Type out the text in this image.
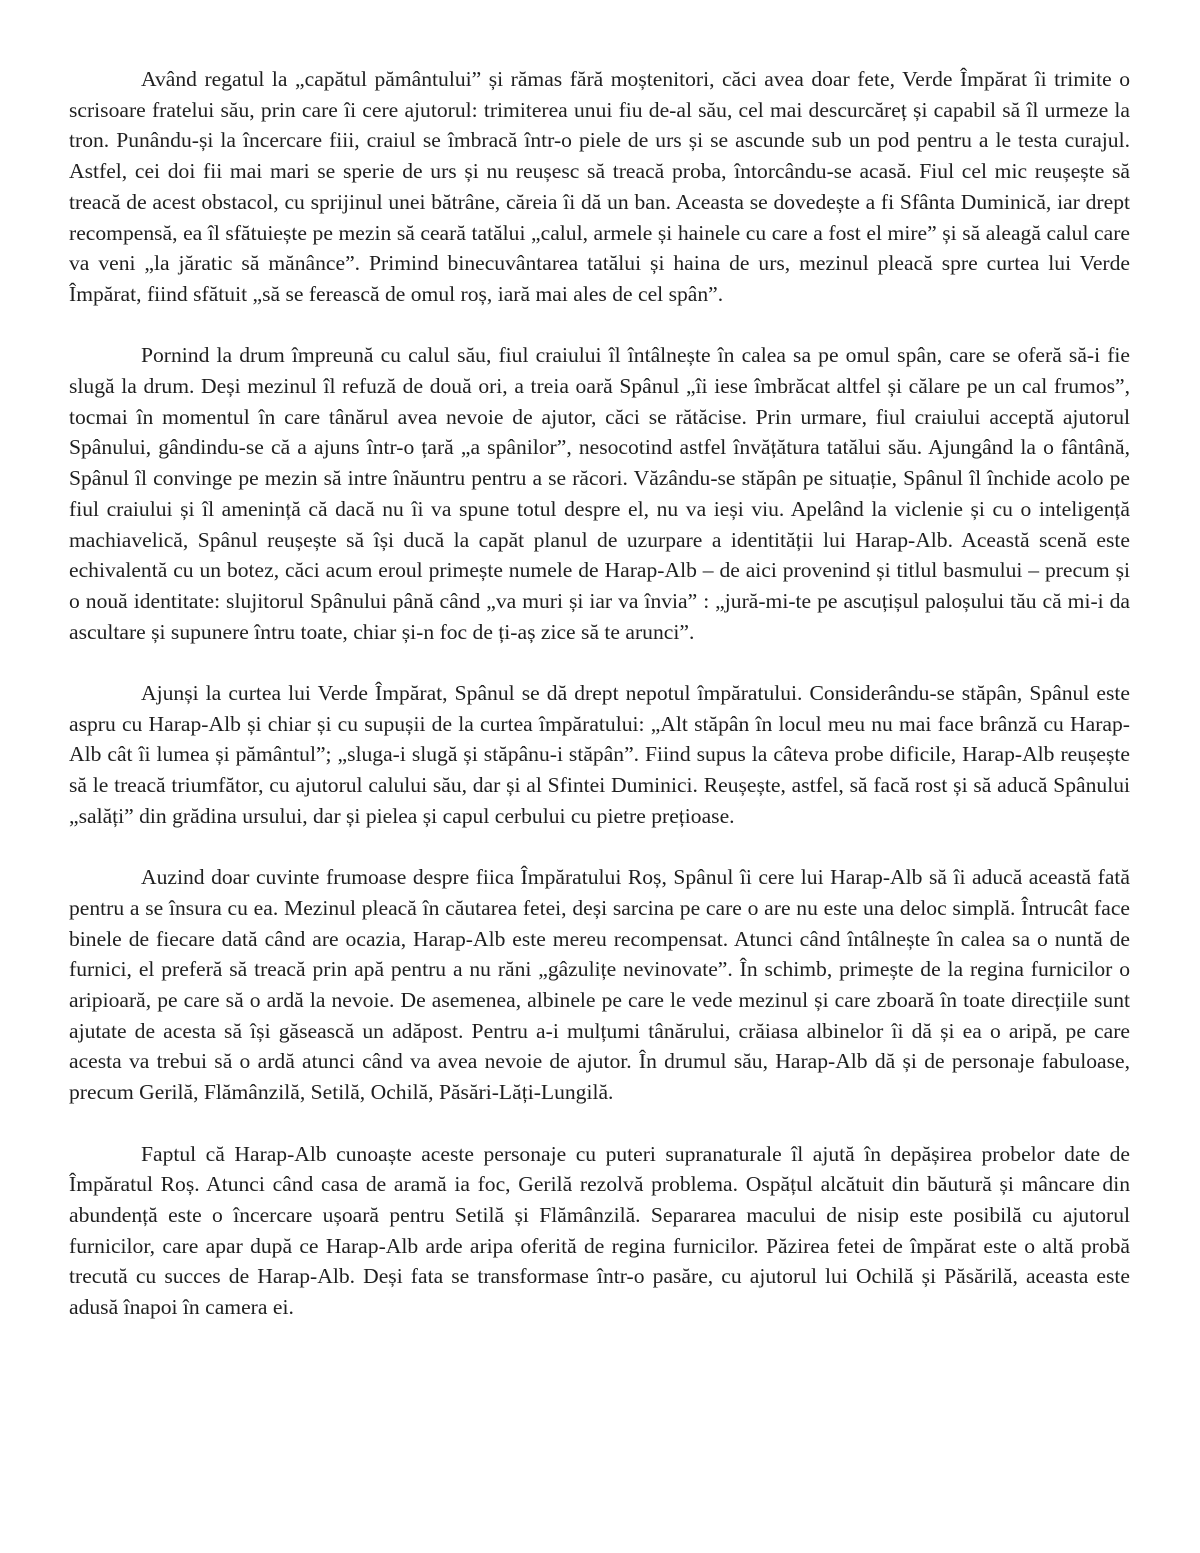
Având regatul la „capătul pământului” și rămas fără moștenitori, căci avea doar fete, Verde Împărat îi trimite o scrisoare fratelui său, prin care îi cere ajutorul: trimiterea unui fiu de-al său, cel mai descurcăreț și capabil să îl urmeze la tron. Punându-și la încercare fiii, craiul se îmbracă într-o piele de urs și se ascunde sub un pod pentru a le testa curajul. Astfel, cei doi fii mai mari se sperie de urs și nu reușesc să treacă proba, întorcându-se acasă. Fiul cel mic reușește să treacă de acest obstacol, cu sprijinul unei bătrâne, căreia îi dă un ban. Aceasta se dovedește a fi Sfânta Duminică, iar drept recompensă, ea îl sfătuiește pe mezin să ceară tatălui „calul, armele și hainele cu care a fost el mire” și să aleagă calul care va veni „la jăratic să mănânce”. Primind binecuvântarea tatălui și haina de urs, mezinul pleacă spre curtea lui Verde Împărat, fiind sfătuit „să se ferească de omul roș, iară mai ales de cel spân”.

Pornind la drum împreună cu calul său, fiul craiului îl întâlnește în calea sa pe omul spân, care se oferă să-i fie slugă la drum. Deși mezinul îl refuză de două ori, a treia oară Spânul „îi iese îmbrăcat altfel și călare pe un cal frumos”, tocmai în momentul în care tânărul avea nevoie de ajutor, căci se rătăcise. Prin urmare, fiul craiului acceptă ajutorul Spânului, gândindu-se că a ajuns într-o țară „a spânilor”, nesocotind astfel învățătura tatălui său. Ajungând la o fântână, Spânul îl convinge pe mezin să intre înăuntru pentru a se răcori. Văzându-se stăpân pe situație, Spânul îl închide acolo pe fiul craiului și îl amenință că dacă nu îi va spune totul despre el, nu va ieși viu. Apelând la viclenie și cu o inteligență machiavelică, Spânul reușește să își ducă la capăt planul de uzurpare a identității lui Harap-Alb. Această scenă este echivalentă cu un botez, căci acum eroul primește numele de Harap-Alb – de aici provenind și titlul basmului – precum și o nouă identitate: slujitorul Spânului până când „va muri și iar va învia” : „jură-mi-te pe ascuțișul paloșului tău că mi-i da ascultare și supunere întru toate, chiar și-n foc de ți-aș zice să te arunci”.

Ajunși la curtea lui Verde Împărat, Spânul se dă drept nepotul împăratului. Considerându-se stăpân, Spânul este aspru cu Harap-Alb și chiar și cu supușii de la curtea împăratului: „Alt stăpân în locul meu nu mai face brânză cu Harap-Alb cât îi lumea și pământul”; „sluga-i slugă și stăpânu-i stăpân”. Fiind supus la câteva probe dificile, Harap-Alb reușește să le treacă triumfător, cu ajutorul calului său, dar și al Sfintei Duminici. Reușește, astfel, să facă rost și să aducă Spânului „salăți” din grădina ursului, dar și pielea și capul cerbului cu pietre prețioase.

Auzind doar cuvinte frumoase despre fiica Împăratului Roș, Spânul îi cere lui Harap-Alb să îi aducă această fată pentru a se însura cu ea. Mezinul pleacă în căutarea fetei, deși sarcina pe care o are nu este una deloc simplă. Întrucât face binele de fiecare dată când are ocazia, Harap-Alb este mereu recompensat. Atunci când întâlnește în calea sa o nuntă de furnici, el preferă să treacă prin apă pentru a nu răni „gâzulițe nevinovate”. În schimb, primește de la regina furnicilor o aripioară, pe care să o ardă la nevoie. De asemenea, albinele pe care le vede mezinul și care zboară în toate direcțiile sunt ajutate de acesta să își găsească un adăpost. Pentru a-i mulțumi tânărului, crăiasa albinelor îi dă și ea o aripă, pe care acesta va trebui să o ardă atunci când va avea nevoie de ajutor. În drumul său, Harap-Alb dă și de personaje fabuloase, precum Gerilă, Flămânzilă, Setilă, Ochilă, Păsări-Lăți-Lungilă.

Faptul că Harap-Alb cunoaște aceste personaje cu puteri supranaturale îl ajută în depășirea probelor date de Împăratul Roș. Atunci când casa de aramă ia foc, Gerilă rezolvă problema. Ospățul alcătuit din băutură și mâncare din abundență este o încercare ușoară pentru Setilă și Flămânzilă. Separarea macului de nisip este posibilă cu ajutorul furnicilor, care apar după ce Harap-Alb arde aripa oferită de regina furnicilor. Păzirea fetei de împărat este o altă probă trecută cu succes de Harap-Alb. Deși fata se transformase într-o pasăre, cu ajutorul lui Ochilă și Păsărilă, aceasta este adusă înapoi în camera ei.
